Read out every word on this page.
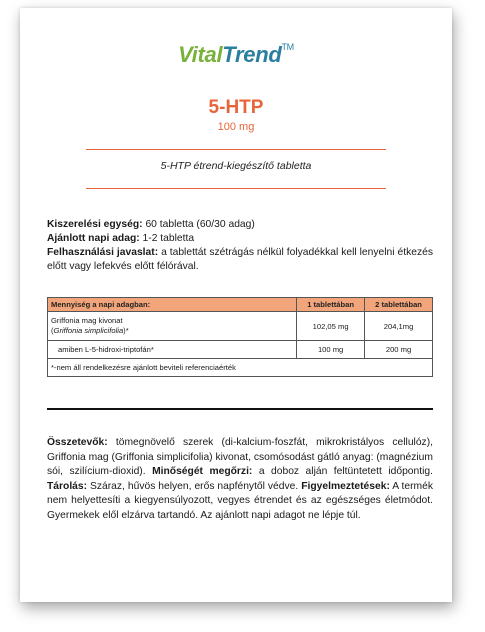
VitalTrend™
5-HTP
100 mg
5-HTP étrend-kiegészítő tabletta
Kiszerelési egység: 60 tabletta (60/30 adag)
Ajánlott napi adag: 1-2 tabletta
Felhasználási javaslat: a tablettát szétrágás nélkül folyadékkal kell lenyelni étkezés előtt vagy lefekvés előtt félórával.
Mennyiség a napi adagban:	1 tablettában	2 tablettában
Griffonia mag kivonat
(Griffonia simplicifolia)*	102,05 mg	204,1mg
amiben L-5-hidroxi-triptofán*	100 mg	200 mg
*-nem áll rendelkezésre ajánlott beviteli referenciaérték		
Összetevők: tömegnövelő szerek (di-kalcium-foszfát, mikrokristályos cellulóz), Griffonia mag (Griffonia simplicifolia) kivonat, csomósodást gátló anyag: (magnézium sói, szilícium-dioxid). Minőségét megőrzi: a doboz alján feltüntetett időpontig. Tárolás: Száraz, hűvös helyen, erős napfénytől védve. Figyelmeztetések: A termék nem helyettesíti a kiegyensúlyozott, vegyes étrendet és az egészséges életmódot. Gyermekek elől elzárva tartandó. Az ajánlott napi adagot ne lépje túl.
